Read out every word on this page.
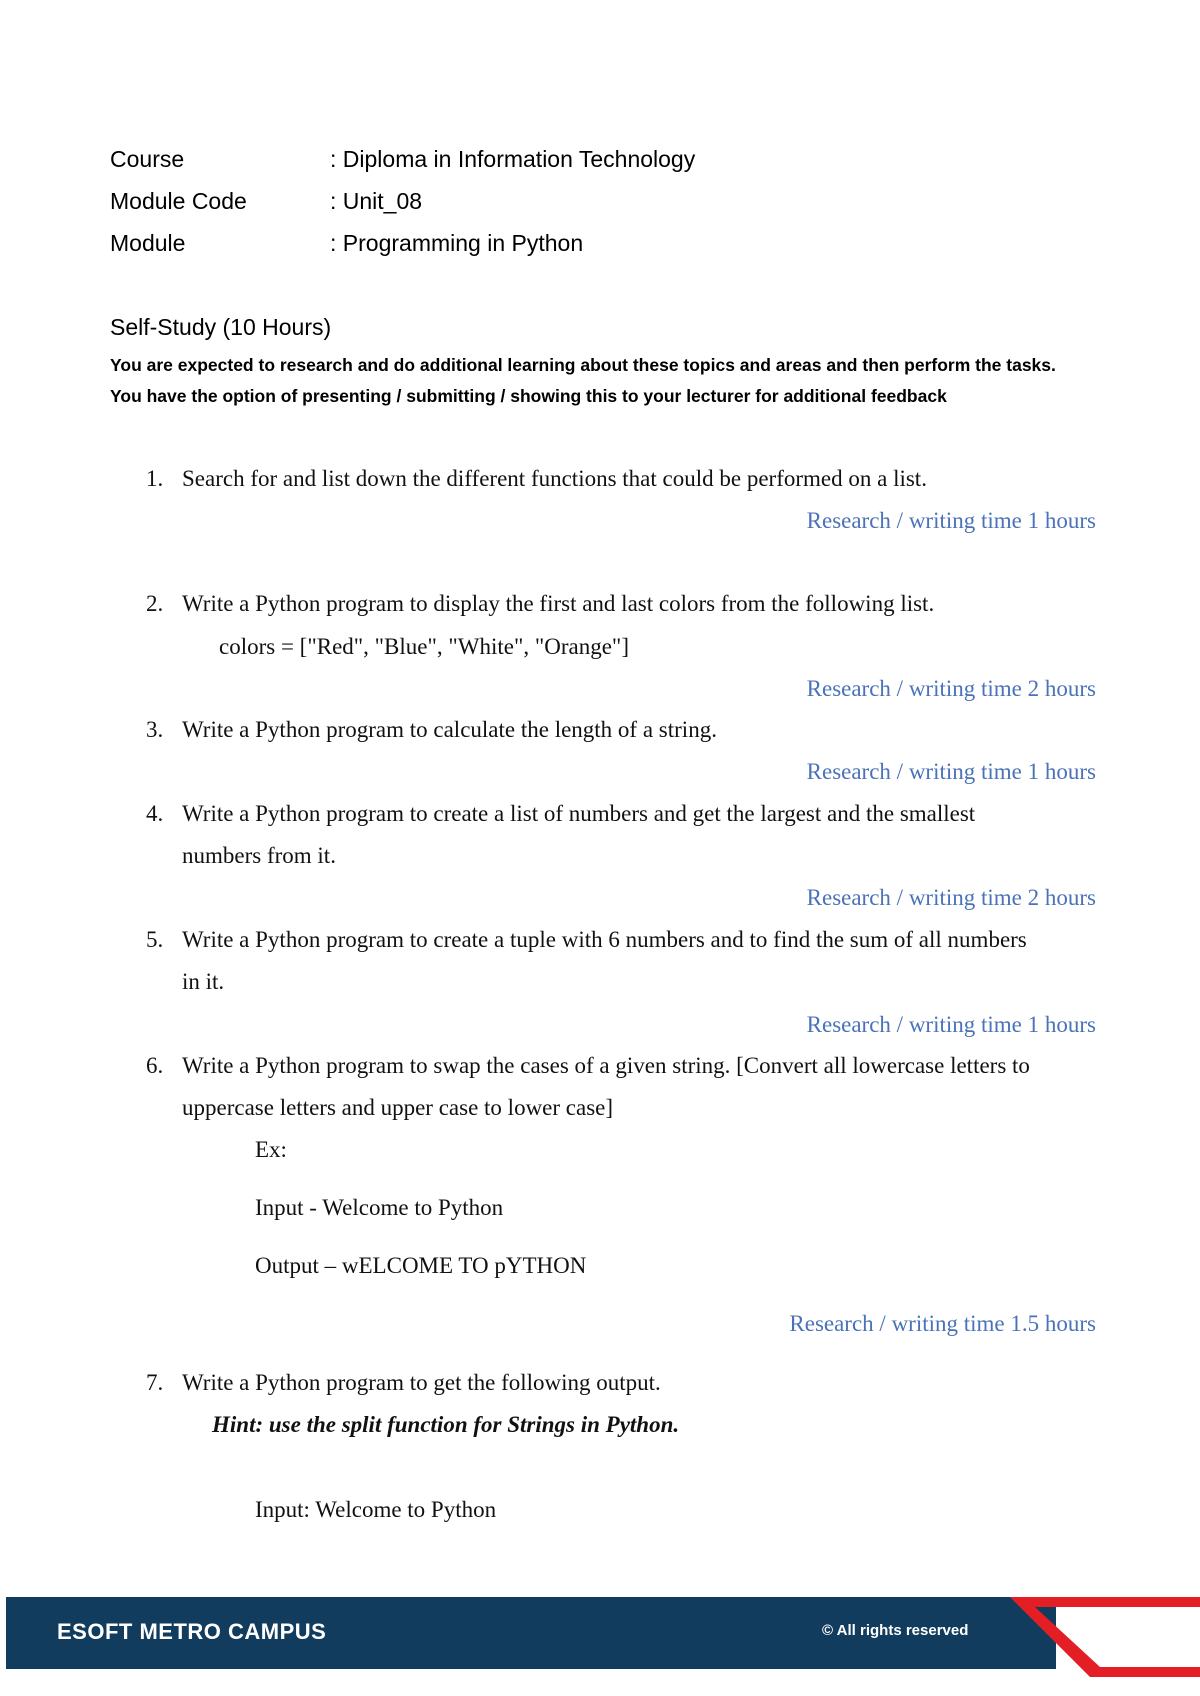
Course	: Diploma in Information Technology
Module Code	: Unit_08
Module	: Programming in Python
Self-Study (10 Hours)
You are expected to research and do additional learning about these topics and areas and then perform the tasks.
You have the option of presenting / submitting / showing this to your lecturer for additional feedback
1. Search for and list down the different functions that could be performed on a list.
Research / writing time 1 hours
2. Write a Python program to display the first and last colors from the following list.
colors = ["Red", "Blue", "White", "Orange"]
Research / writing time 2 hours
3. Write a Python program to calculate the length of a string.
Research / writing time 1 hours
4. Write a Python program to create a list of numbers and get the largest and the smallest
numbers from it.
Research / writing time 2 hours
5. Write a Python program to create a tuple with 6 numbers and to find the sum of all numbers
in it.
Research / writing time 1 hours
6. Write a Python program to swap the cases of a given string. [Convert all lowercase letters to
uppercase letters and upper case to lower case]
Ex:
Input - Welcome to Python
Output – wELCOME TO pYTHON
Research / writing time 1.5 hours
7. Write a Python program to get the following output.
Hint: use the split function for Strings in Python.
Input: Welcome to Python
ESOFT METRO CAMPUS	© All rights reserved
